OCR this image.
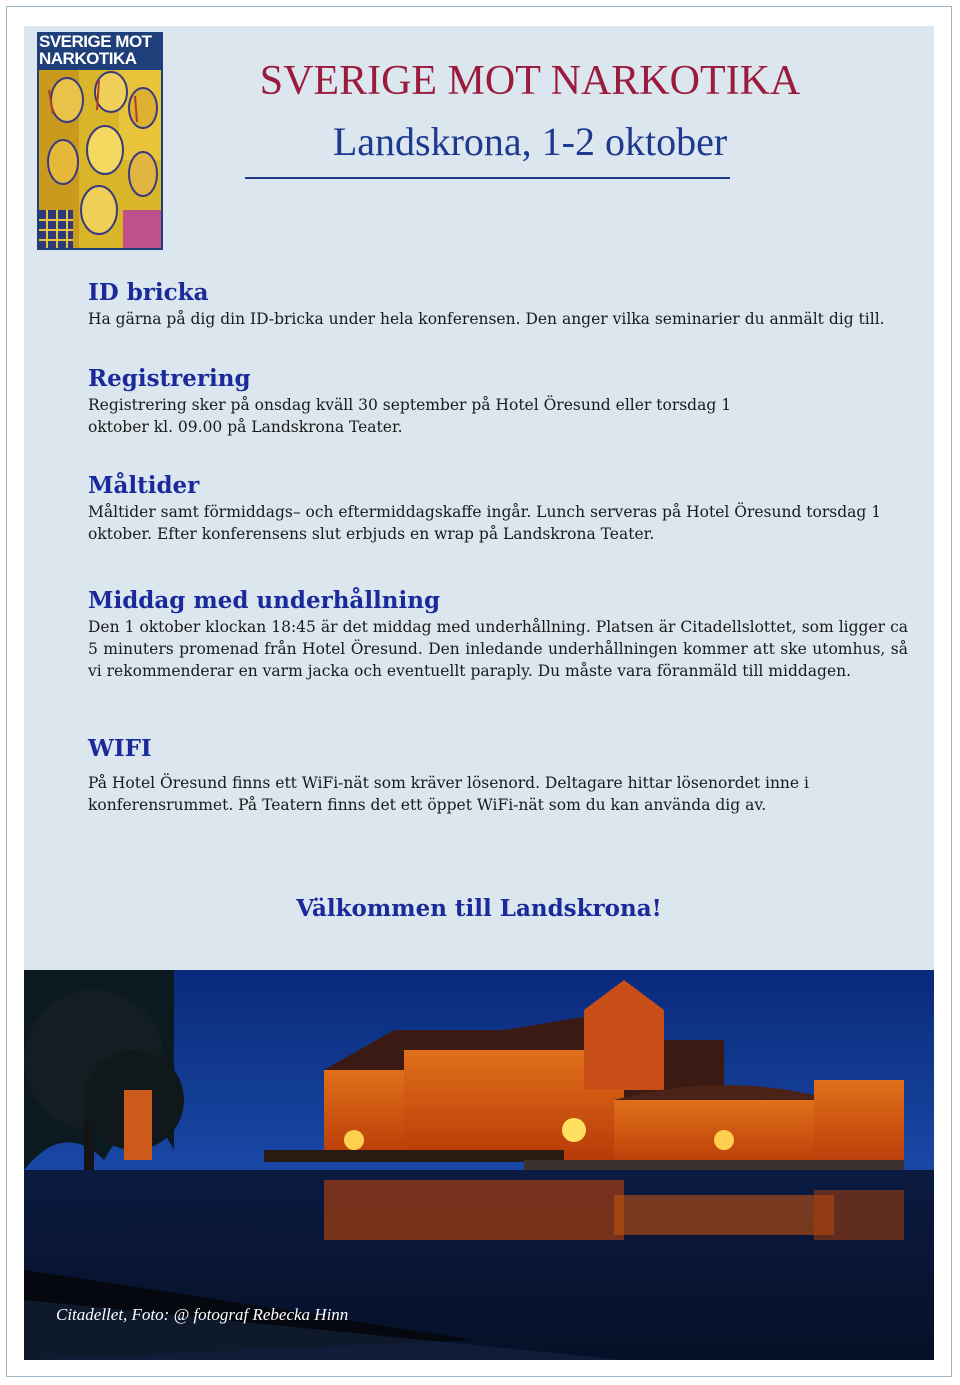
SVERIGE MOT
NARKOTIKA	SVERIGE MOT NARKOTIKA
Landskrona, 1-2 oktober
ID bricka

Ha gärna på dig din ID-bricka under hela konferensen. Den anger vilka seminarier du anmält dig till.

Registrering

Registrering sker på onsdag kväll 30 september på Hotel Öresund eller torsdag 1 oktober kl. 09.00 på Landskrona Teater.

Måltider

Måltider samt förmiddags– och eftermiddagskaffe ingår. Lunch serveras på Hotel Öresund torsdag 1 oktober. Efter konferensens slut erbjuds en wrap på Landskrona Teater.

Middag med underhållning

Den 1 oktober klockan 18:45 är det middag med underhållning. Platsen är Citadellslottet, som ligger ca 5 minuters promenad från Hotel Öresund. Den inledande underhållningen kommer att ske utomhus, så vi rekommenderar en varm jacka och eventuellt paraply. Du måste vara föranmäld till middagen.

WIFI

På Hotel Öresund finns ett WiFi-nät som kräver lösenord. Deltagare hittar lösenordet inne i konferensrummet. På Teatern finns det ett öppet WiFi-nät som du kan använda dig av.

Välkommen till Landskrona!

Citadellet, Foto: @ fotograf Rebecka Hinn
